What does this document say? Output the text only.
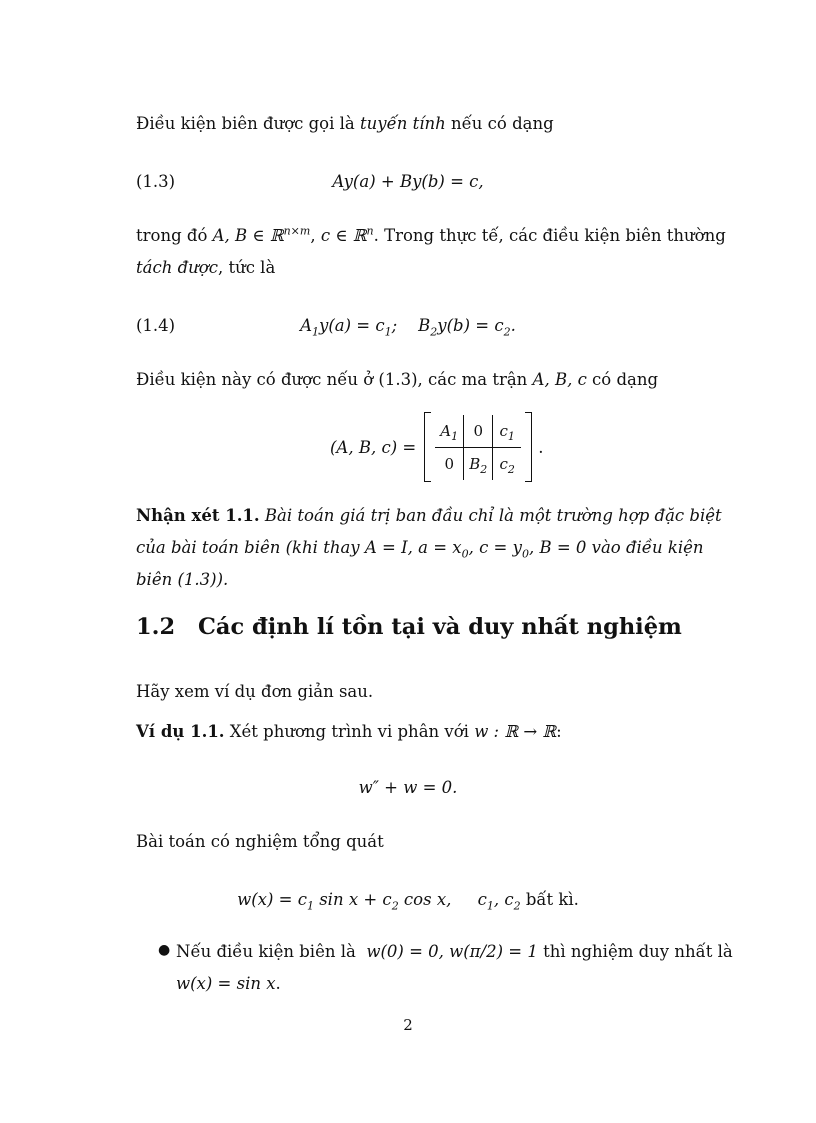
Điều kiện biên được gọi là tuyến tính nếu có dạng
(1.3)	Ay(a) + By(b) = c,
trong đó A, B ∈ ℝ$^{n\times m}$, c ∈ ℝ$^n$. Trong thực tế, các điều kiện biên thường tách được, tức là
(1.4)	$A_1y(a) = c_1$;    $B_2y(b) = c_2$.
Điều kiện này có được nếu ở (1.3), các ma trận A, B, c có dạng
(A, B, c) =
$A_1$	0	$c_1$
0	$B_2$	$c_2$
.
Nhận xét 1.1. Bài toán giá trị ban đầu chỉ là một trường hợp đặc biệt của bài toán biên (khi thay A = I, $a = x_0$, $c = y_0$, B = 0 vào điều kiện biên (1.3)).
1.2 Các định lí tồn tại và duy nhất nghiệm
Hãy xem ví dụ đơn giản sau.
Ví dụ 1.1. Xét phương trình vi phân với w : ℝ → ℝ:
w″ + w = 0.
Bài toán có nghiệm tổng quát
$w(x) = c_1$ $\sin x + c_2$ cos x,     $c_1$, $c_2$ bất kì.
● Nếu điều kiện biên là  w(0) = 0, w(π/2) = 1 thì nghiệm duy nhất là w(x) = sin x.
2
